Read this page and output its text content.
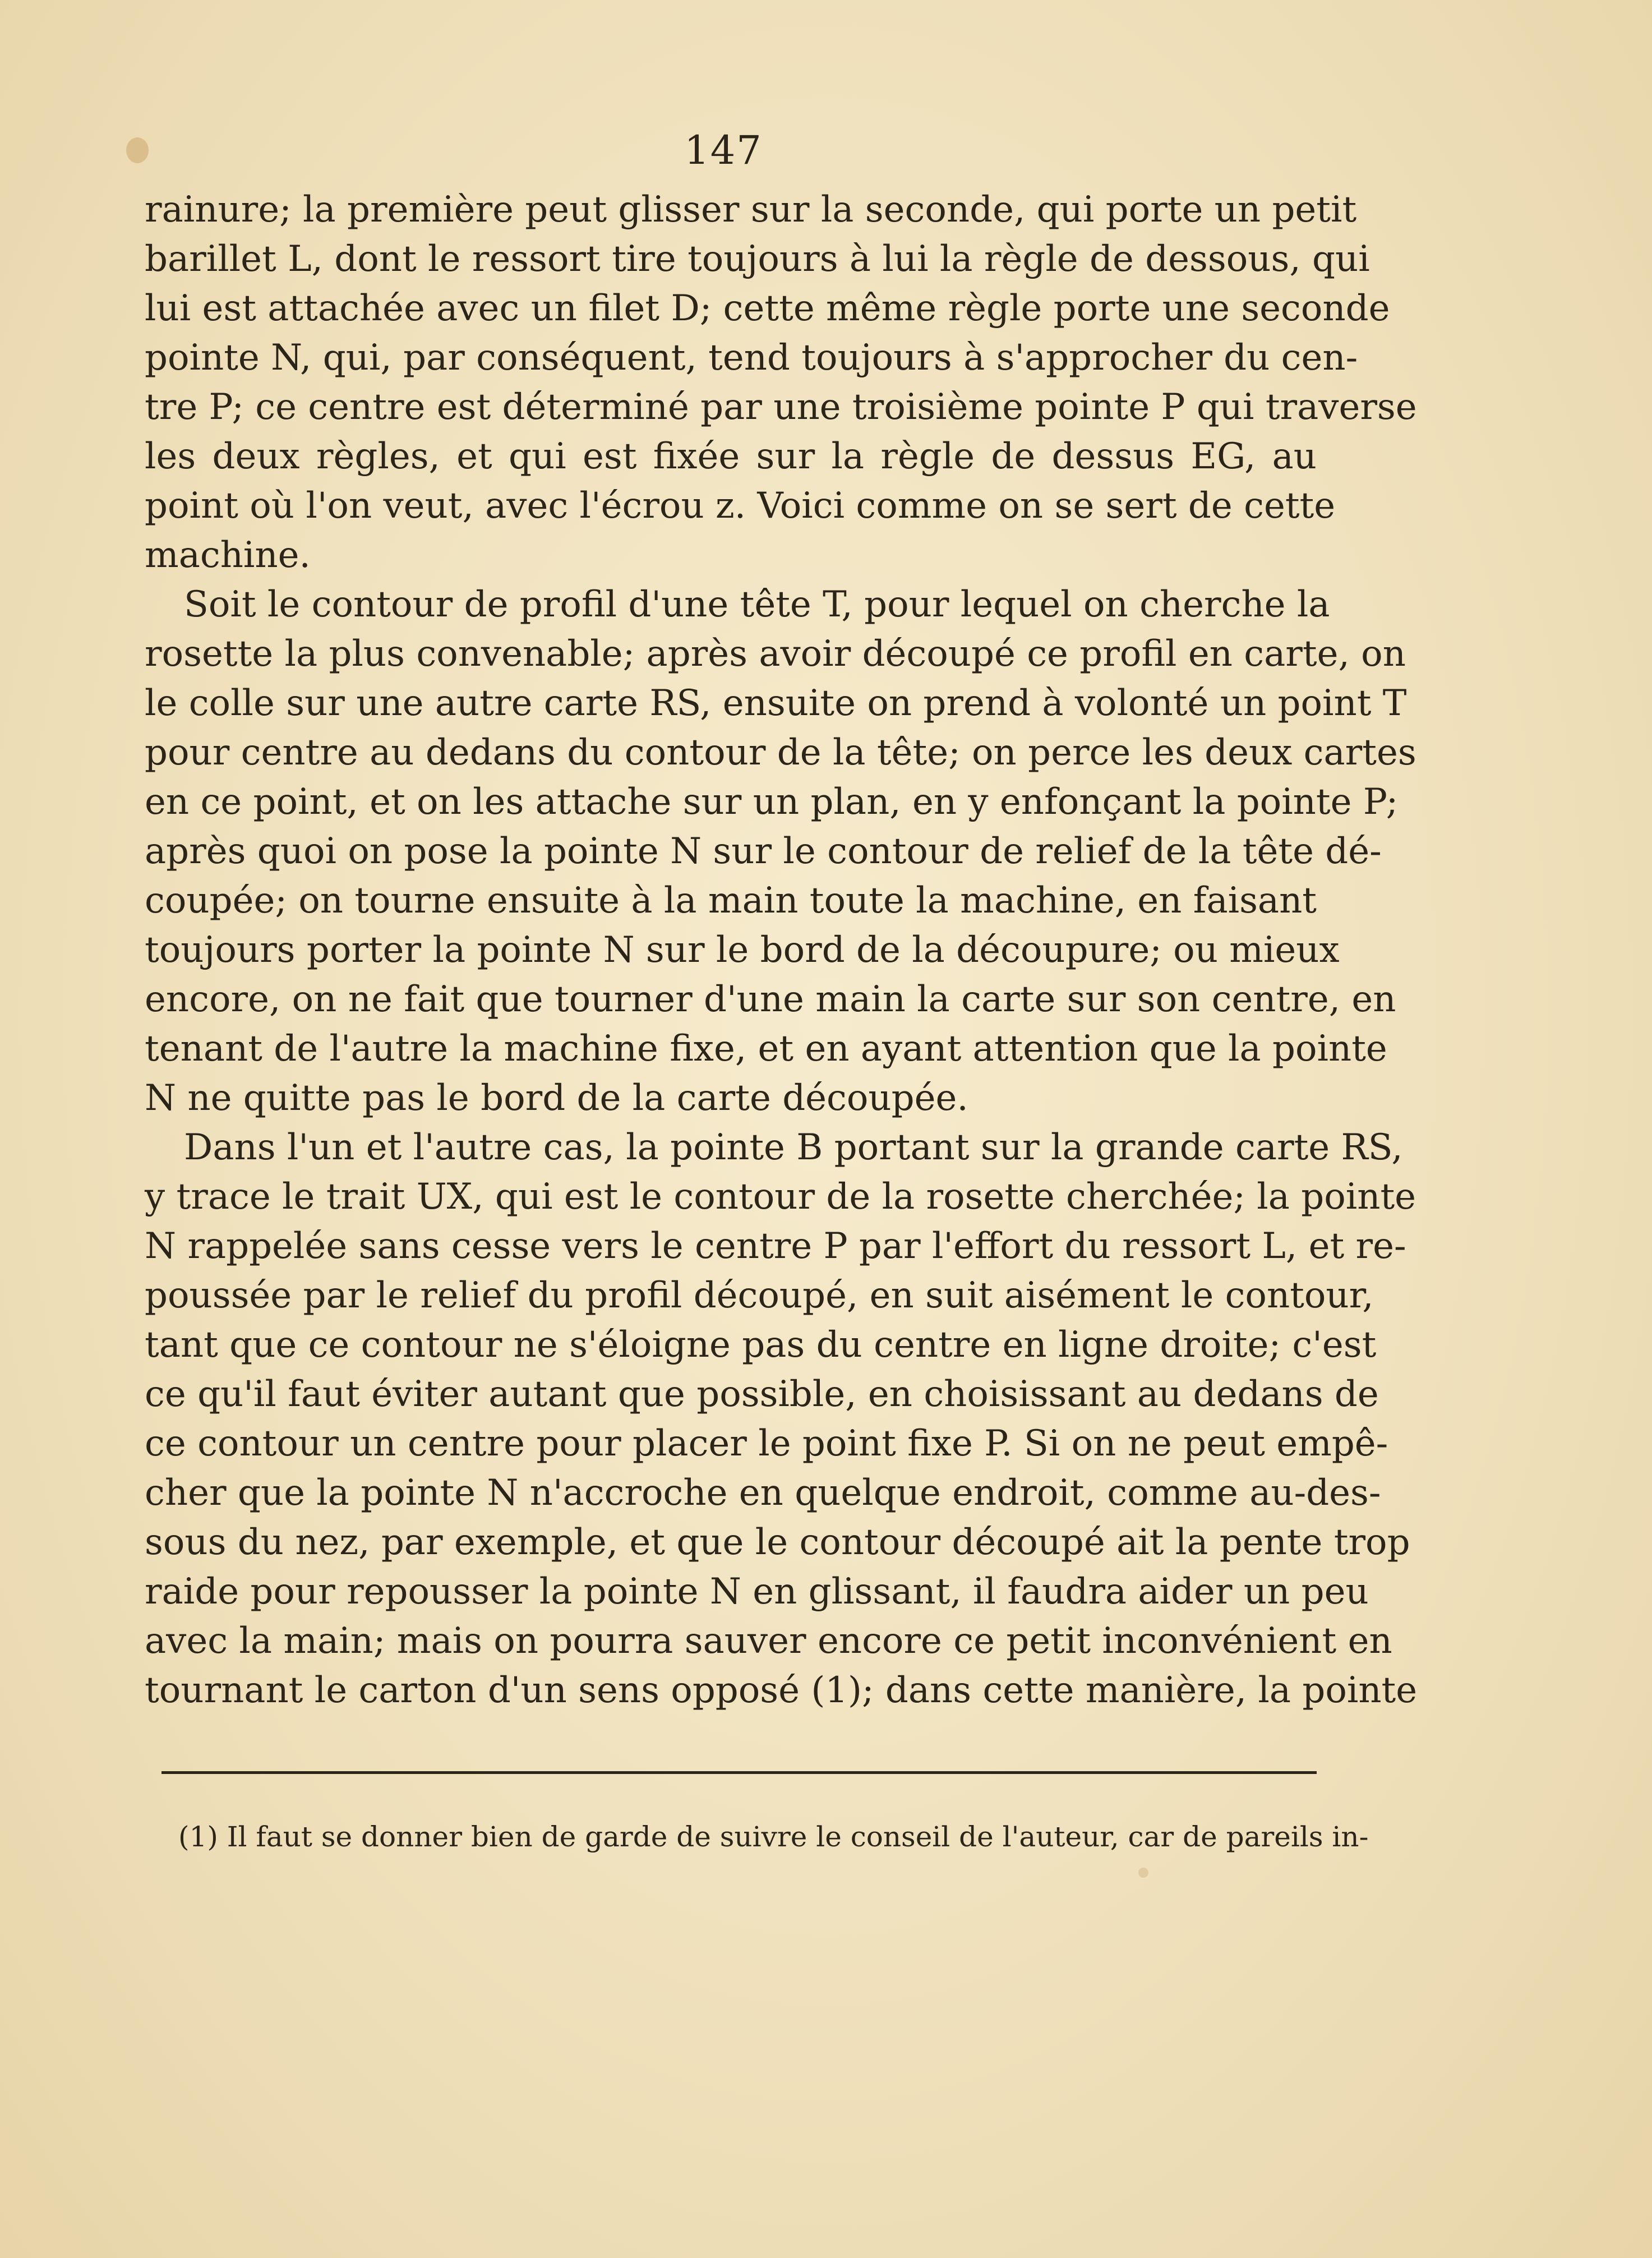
147
rainure; la première peut glisser sur la seconde, qui porte un petit
barillet L, dont le ressort tire toujours à lui la règle de dessous, qui
lui est attachée avec un filet D; cette même règle porte une seconde
pointe N, qui, par conséquent, tend toujours à s'approcher du cen-
tre P; ce centre est déterminé par une troisième pointe P qui traverse
les deux règles, et qui est fixée sur la règle de dessus EG, au
point où l'on veut, avec l'écrou z. Voici comme on se sert de cette
machine.
Soit le contour de profil d'une tête T, pour lequel on cherche la
rosette la plus convenable; après avoir découpé ce profil en carte, on
le colle sur une autre carte RS, ensuite on prend à volonté un point T
pour centre au dedans du contour de la tête; on perce les deux cartes
en ce point, et on les attache sur un plan, en y enfonçant la pointe P;
après quoi on pose la pointe N sur le contour de relief de la tête dé-
coupée; on tourne ensuite à la main toute la machine, en faisant
toujours porter la pointe N sur le bord de la découpure; ou mieux
encore, on ne fait que tourner d'une main la carte sur son centre, en
tenant de l'autre la machine fixe, et en ayant attention que la pointe
N ne quitte pas le bord de la carte découpée.
Dans l'un et l'autre cas, la pointe B portant sur la grande carte RS,
y trace le trait UX, qui est le contour de la rosette cherchée; la pointe
N rappelée sans cesse vers le centre P par l'effort du ressort L, et re-
poussée par le relief du profil découpé, en suit aisément le contour,
tant que ce contour ne s'éloigne pas du centre en ligne droite; c'est
ce qu'il faut éviter autant que possible, en choisissant au dedans de
ce contour un centre pour placer le point fixe P. Si on ne peut empê-
cher que la pointe N n'accroche en quelque endroit, comme au-des-
sous du nez, par exemple, et que le contour découpé ait la pente trop
raide pour repousser la pointe N en glissant, il faudra aider un peu
avec la main; mais on pourra sauver encore ce petit inconvénient en
tournant le carton d'un sens opposé (1); dans cette manière, la pointe
(1) Il faut se donner bien de garde de suivre le conseil de l'auteur, car de pareils in-
